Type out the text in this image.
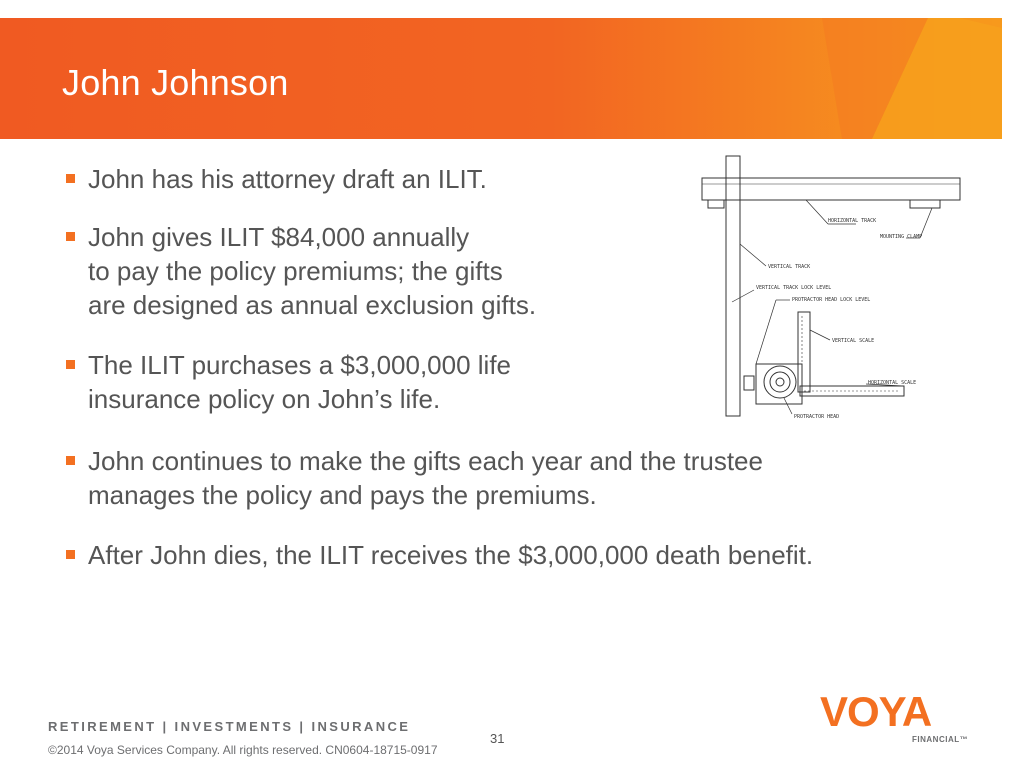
John Johnson
John has his attorney draft an ILIT.
John gives ILIT $84,000 annually
to pay the policy premiums; the gifts
are designed as annual exclusion gifts.
The ILIT purchases a $3,000,000 life
insurance policy on John’s life.
John continues to make the gifts each year and the trustee
manages the policy and pays the premiums.
After John dies, the ILIT receives the $3,000,000 death benefit.
HORIZONTAL TRACK
MOUNTING CLAMP
VERTICAL TRACK
VERTICAL TRACK LOCK LEVEL
PROTRACTOR HEAD LOCK LEVEL
VERTICAL SCALE
HORIZONTAL SCALE
PROTRACTOR HEAD
RETIREMENT | INVESTMENTS | INSURANCE
©2014 Voya Services Company. All rights reserved. CN0604-18715-0917
31
VOYA
FINANCIAL™
